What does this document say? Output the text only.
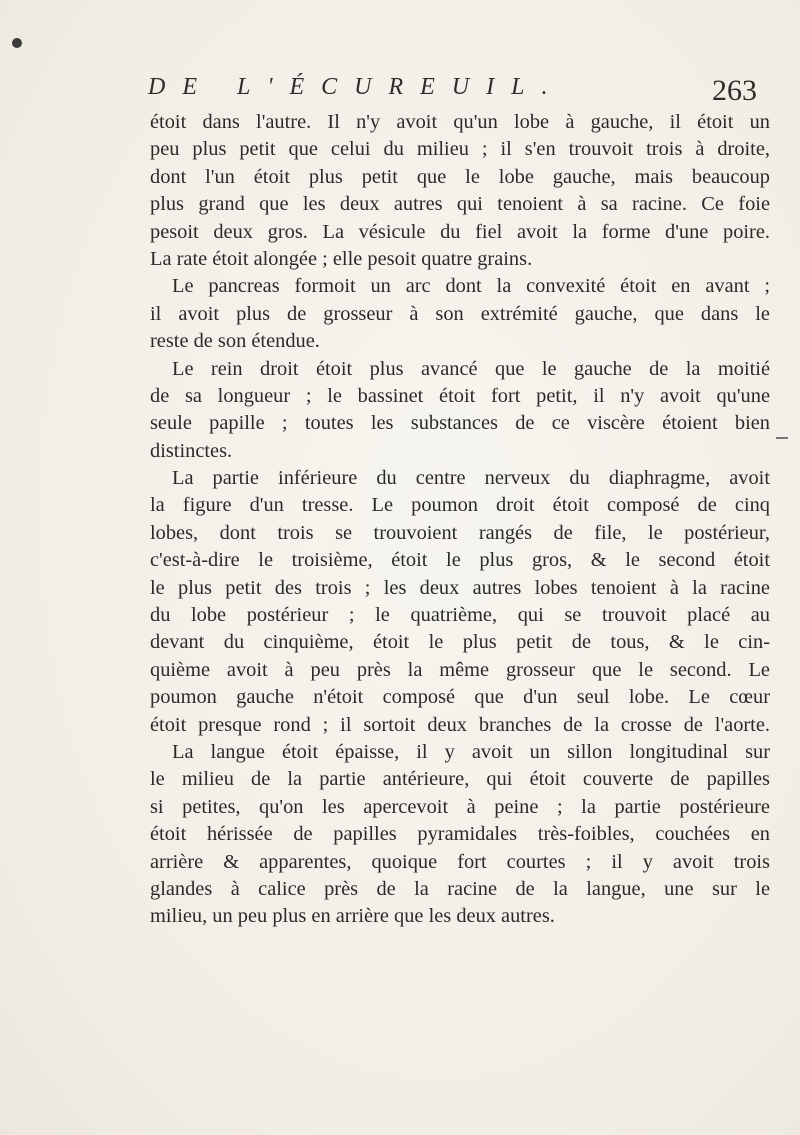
DE L'ÉCUREUIL.	263
étoit dans l'autre. Il n'y avoit qu'un lobe à gauche, il étoit un
peu plus petit que celui du milieu ; il s'en trouvoit trois à droite,
dont l'un étoit plus petit que le lobe gauche, mais beaucoup
plus grand que les deux autres qui tenoient à sa racine. Ce foie
pesoit deux gros. La vésicule du fiel avoit la forme d'une poire.
La rate étoit alongée ; elle pesoit quatre grains.
Le pancreas formoit un arc dont la convexité étoit en avant ;
il avoit plus de grosseur à son extrémité gauche, que dans le
reste de son étendue.
Le rein droit étoit plus avancé que le gauche de la moitié
de sa longueur ; le bassinet étoit fort petit, il n'y avoit qu'une
seule papille ; toutes les substances de ce viscère étoient bien
distinctes.
La partie inférieure du centre nerveux du diaphragme, avoit
la figure d'un tresse. Le poumon droit étoit composé de cinq
lobes, dont trois se trouvoient rangés de file, le postérieur,
c'est-à-dire le troisième, étoit le plus gros, & le second étoit
le plus petit des trois ; les deux autres lobes tenoient à la racine
du lobe postérieur ; le quatrième, qui se trouvoit placé au
devant du cinquième, étoit le plus petit de tous, & le cin-
quième avoit à peu près la même grosseur que le second. Le
poumon gauche n'étoit composé que d'un seul lobe. Le cœur
étoit presque rond ; il sortoit deux branches de la crosse de l'aorte.
La langue étoit épaisse, il y avoit un sillon longitudinal sur
le milieu de la partie antérieure, qui étoit couverte de papilles
si petites, qu'on les apercevoit à peine ; la partie postérieure
étoit hérissée de papilles pyramidales très-foibles, couchées en
arrière & apparentes, quoique fort courtes ; il y avoit trois
glandes à calice près de la racine de la langue, une sur le
milieu, un peu plus en arrière que les deux autres.
